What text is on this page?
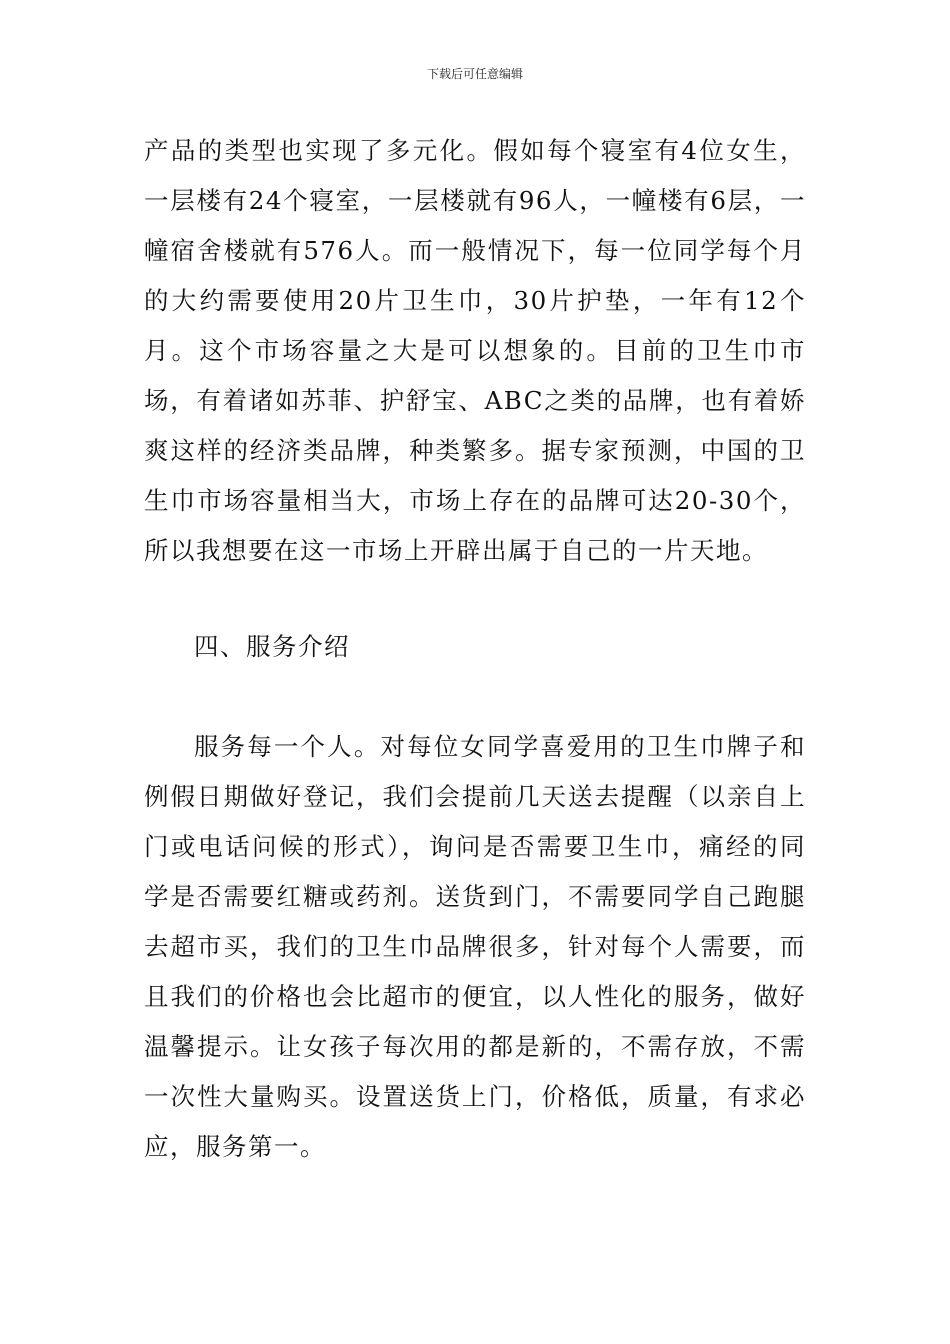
下载后可任意编辑

产品的类型也实现了多元化。假如每个寝室有4位女生，一层楼有24个寝室，一层楼就有96人，一幢楼有6层，一幢宿舍楼就有576人。而一般情况下，每一位同学每个月的大约需要使用20片卫生巾，30片护垫，一年有12个月。这个市场容量之大是可以想象的。目前的卫生巾市场，有着诸如苏菲、护舒宝、ABC之类的品牌，也有着娇爽这样的经济类品牌，种类繁多。据专家预测，中国的卫生巾市场容量相当大，市场上存在的品牌可达20-30个，所以我想要在这一市场上开辟出属于自己的一片天地。

四、服务介绍

服务每一个人。对每位女同学喜爱用的卫生巾牌子和例假日期做好登记，我们会提前几天送去提醒（以亲自上门或电话问候的形式），询问是否需要卫生巾，痛经的同学是否需要红糖或药剂。送货到门，不需要同学自己跑腿去超市买，我们的卫生巾品牌很多，针对每个人需要，而且我们的价格也会比超市的便宜，以人性化的服务，做好温馨提示。让女孩子每次用的都是新的，不需存放，不需一次性大量购买。设置送货上门，价格低，质量，有求必应，服务第一。
